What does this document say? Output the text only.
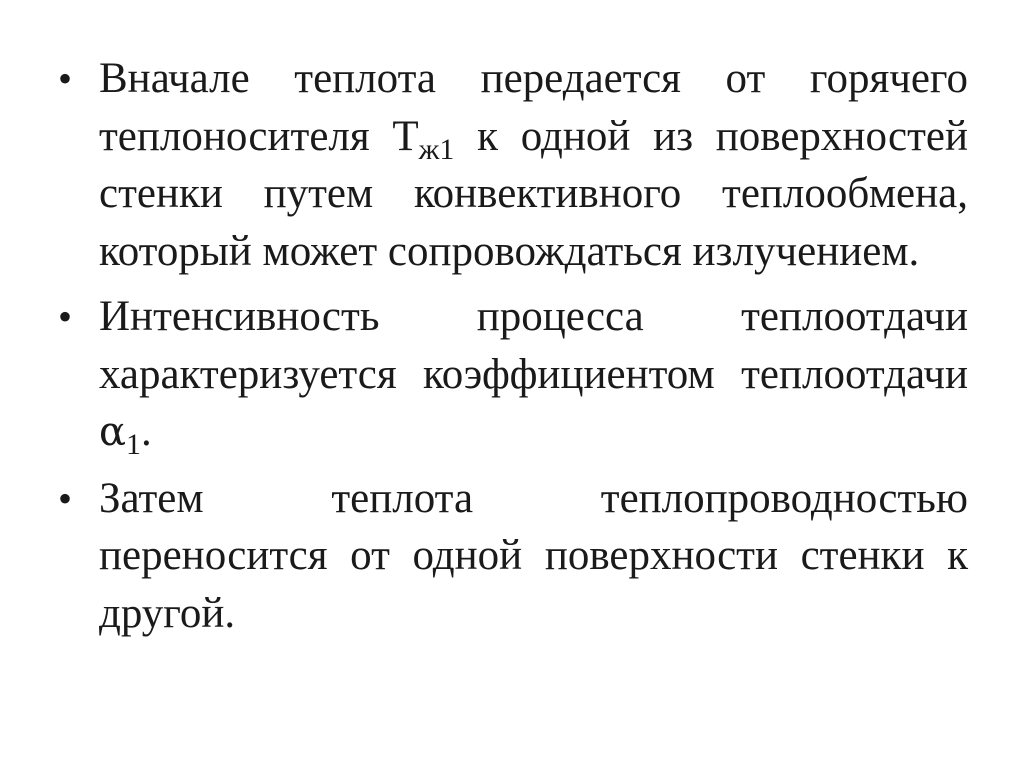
• Вначале теплота передается от горячего теплоносителя $Т_{ж1}$ к одной из поверхностей стенки путем конвективного теплообмена, который может сопровождаться излучением.
• Интенсивность процесса теплоотдачи характеризуется коэффициентом теплоотдачи $\alpha_1$.
• Затем теплота теплопроводностью переносится от одной поверхности стенки к другой.
